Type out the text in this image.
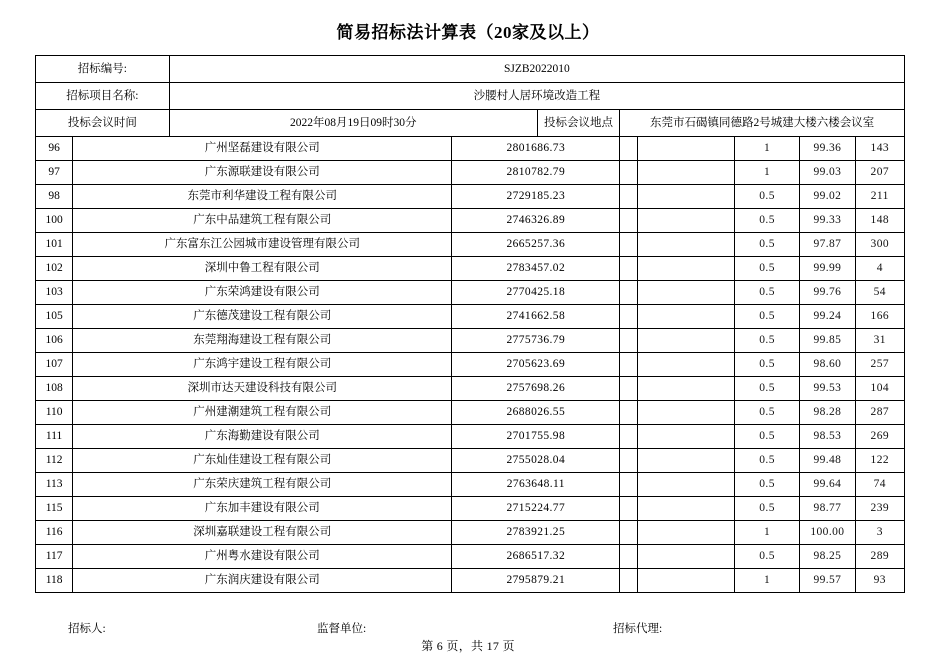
简易招标法计算表（20家及以上）
招标编号:		SJZB2022010							
招标项目名称:		沙腰村人居环境改造工程							
投标会议时间		2022年08月19日09时30分		投标会议地点	东莞市石碣镇同德路2号城建大楼六楼会议室				
96	广州坚磊建设有限公司		2801686.73				1	99.36	143
97	广东源联建设有限公司		2810782.79				1	99.03	207
98	东莞市利华建设工程有限公司		2729185.23				0.5	99.02	211
100	广东中品建筑工程有限公司		2746326.89				0.5	99.33	148
101	广东富东江公园城市建设管理有限公司		2665257.36				0.5	97.87	300
102	深圳中鲁工程有限公司		2783457.02				0.5	99.99	4
103	广东荣鸿建设有限公司		2770425.18				0.5	99.76	54
105	广东德茂建设工程有限公司		2741662.58				0.5	99.24	166
106	东莞翔海建设工程有限公司		2775736.79				0.5	99.85	31
107	广东鸿宇建设工程有限公司		2705623.69				0.5	98.60	257
108	深圳市达天建设科技有限公司		2757698.26				0.5	99.53	104
110	广州建潮建筑工程有限公司		2688026.55				0.5	98.28	287
111	广东海勤建设有限公司		2701755.98				0.5	98.53	269
112	广东灿佳建设工程有限公司		2755028.04				0.5	99.48	122
113	广东荣庆建筑工程有限公司		2763648.11				0.5	99.64	74
115	广东加丰建设有限公司		2715224.77				0.5	98.77	239
116	深圳嘉联建设工程有限公司		2783921.25				1	100.00	3
117	广州粤水建设有限公司		2686517.32				0.5	98.25	289
118	广东润庆建设有限公司		2795879.21				1	99.57	93
招标人:	监督单位:	招标代理:
第 6 页，共 17 页
